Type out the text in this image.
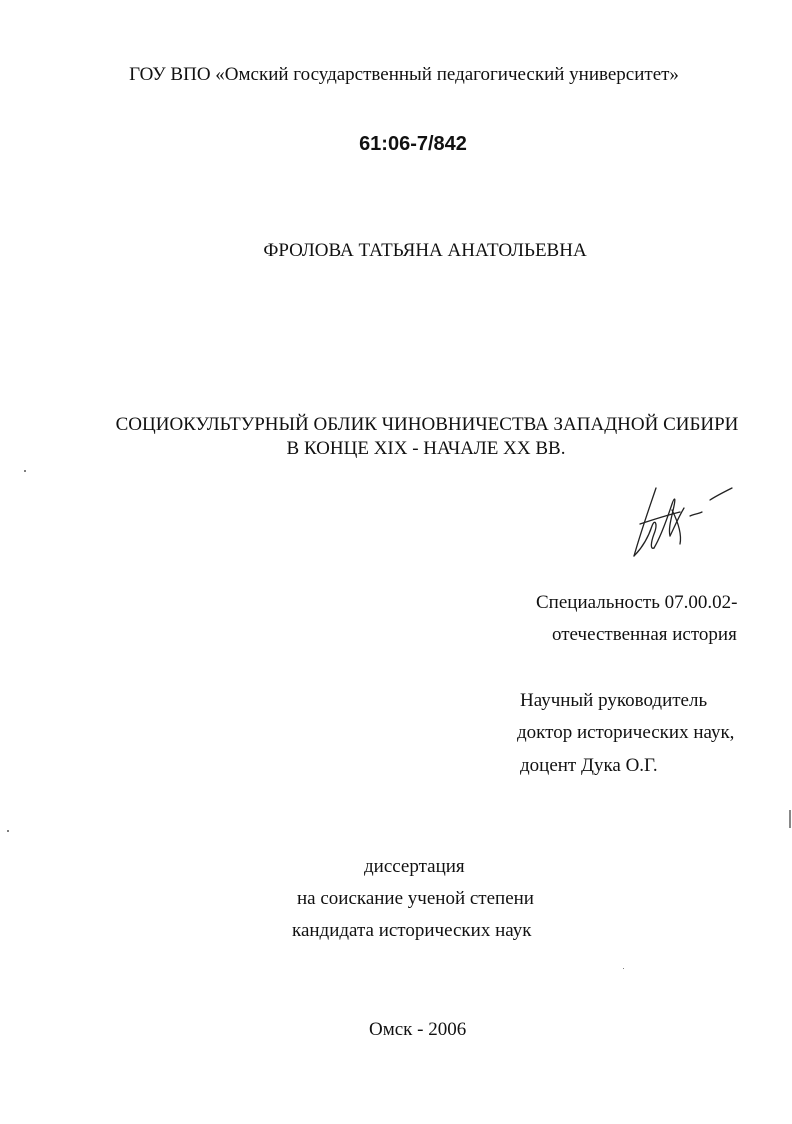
ГОУ ВПО «Омский государственный педагогический университет»
61:06-7/842
ФРОЛОВА ТАТЬЯНА АНАТОЛЬЕВНА
СОЦИОКУЛЬТУРНЫЙ ОБЛИК ЧИНОВНИЧЕСТВА ЗАПАДНОЙ СИБИРИ
В КОНЦЕ XIX - НАЧАЛЕ XX ВВ.
Специальность 07.00.02-
отечественная история
Научный руководитель
доктор исторических наук,
доцент Дука О.Г.
диссертация
на соискание ученой степени
кандидата исторических наук
Омск - 2006
